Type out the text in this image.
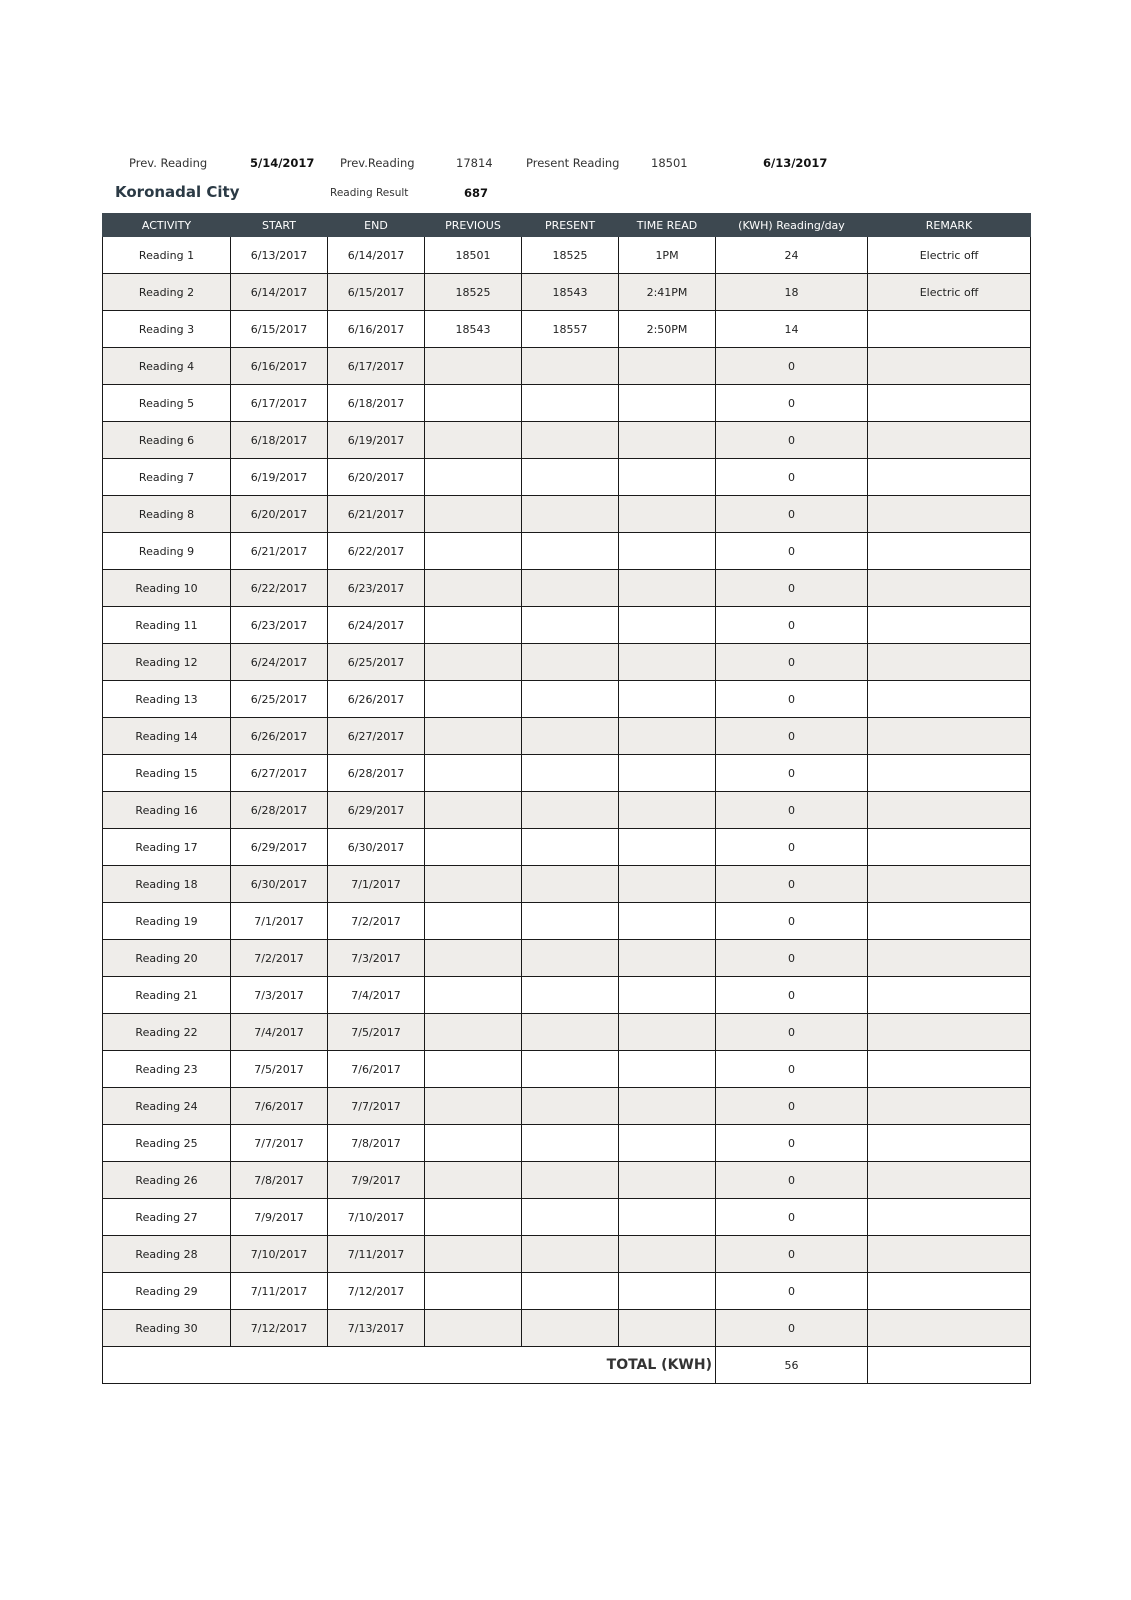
Prev. Reading	5/14/2017 Prev.Reading	17814	Present Reading	18501	6/13/2017
Koronadal City	Reading Result	687
ACTIVITY	START	END	PREVIOUS	PRESENT	TIME READ	(KWH) Reading/day	REMARK
Reading 1	6/13/2017	6/14/2017	18501	18525	1PM	24	Electric off
Reading 2	6/14/2017	6/15/2017	18525	18543	2:41PM	18	Electric off
Reading 3	6/15/2017	6/16/2017	18543	18557	2:50PM	14	
Reading 4	6/16/2017	6/17/2017				0	
Reading 5	6/17/2017	6/18/2017				0	
Reading 6	6/18/2017	6/19/2017				0	
Reading 7	6/19/2017	6/20/2017				0	
Reading 8	6/20/2017	6/21/2017				0	
Reading 9	6/21/2017	6/22/2017				0	
Reading 10	6/22/2017	6/23/2017				0	
Reading 11	6/23/2017	6/24/2017				0	
Reading 12	6/24/2017	6/25/2017				0	
Reading 13	6/25/2017	6/26/2017				0	
Reading 14	6/26/2017	6/27/2017				0	
Reading 15	6/27/2017	6/28/2017				0	
Reading 16	6/28/2017	6/29/2017				0	
Reading 17	6/29/2017	6/30/2017				0	
Reading 18	6/30/2017	7/1/2017				0	
Reading 19	7/1/2017	7/2/2017				0	
Reading 20	7/2/2017	7/3/2017				0	
Reading 21	7/3/2017	7/4/2017				0	
Reading 22	7/4/2017	7/5/2017				0	
Reading 23	7/5/2017	7/6/2017				0	
Reading 24	7/6/2017	7/7/2017				0	
Reading 25	7/7/2017	7/8/2017				0	
Reading 26	7/8/2017	7/9/2017				0	
Reading 27	7/9/2017	7/10/2017				0	
Reading 28	7/10/2017	7/11/2017				0	
Reading 29	7/11/2017	7/12/2017				0	
Reading 30	7/12/2017	7/13/2017				0	
TOTAL (KWH)						56	
